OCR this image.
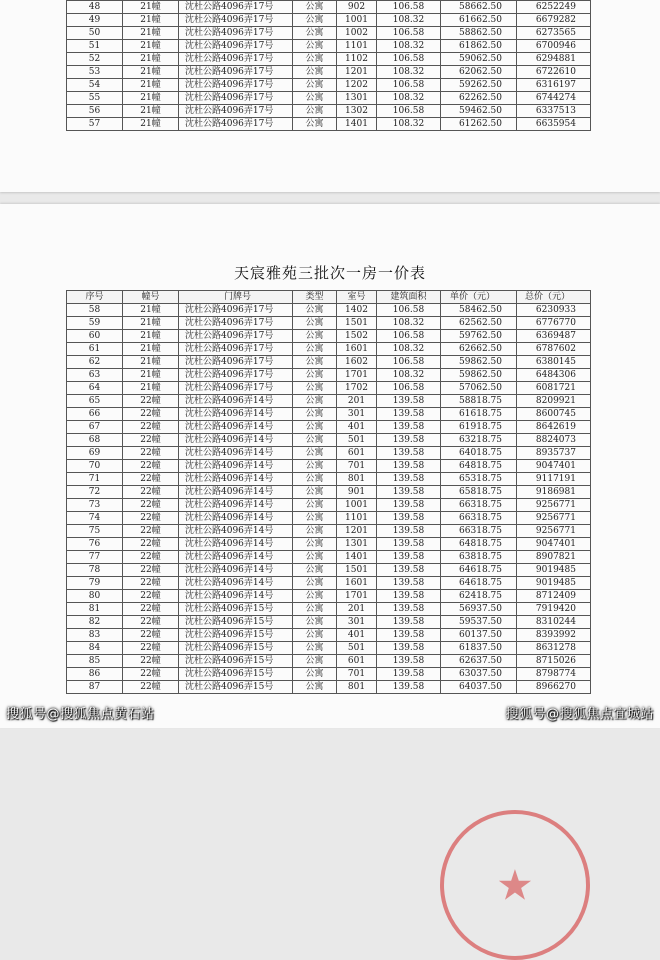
48	21幢	沈杜公路4096弄17号	公寓	902	106.58	58662.50	6252249
49	21幢	沈杜公路4096弄17号	公寓	1001	108.32	61662.50	6679282
50	21幢	沈杜公路4096弄17号	公寓	1002	106.58	58862.50	6273565
51	21幢	沈杜公路4096弄17号	公寓	1101	108.32	61862.50	6700946
52	21幢	沈杜公路4096弄17号	公寓	1102	106.58	59062.50	6294881
53	21幢	沈杜公路4096弄17号	公寓	1201	108.32	62062.50	6722610
54	21幢	沈杜公路4096弄17号	公寓	1202	106.58	59262.50	6316197
55	21幢	沈杜公路4096弄17号	公寓	1301	108.32	62262.50	6744274
56	21幢	沈杜公路4096弄17号	公寓	1302	106.58	59462.50	6337513
57	21幢	沈杜公路4096弄17号	公寓	1401	108.32	61262.50	6635954
天宸雅苑三批次一房一价表
序号	幢号	门牌号	类型	室号	建筑面积	单价（元）	总价（元）
58	21幢	沈杜公路4096弄17号	公寓	1402	106.58	58462.50	6230933
59	21幢	沈杜公路4096弄17号	公寓	1501	108.32	62562.50	6776770
60	21幢	沈杜公路4096弄17号	公寓	1502	106.58	59762.50	6369487
61	21幢	沈杜公路4096弄17号	公寓	1601	108.32	62662.50	6787602
62	21幢	沈杜公路4096弄17号	公寓	1602	106.58	59862.50	6380145
63	21幢	沈杜公路4096弄17号	公寓	1701	108.32	59862.50	6484306
64	21幢	沈杜公路4096弄17号	公寓	1702	106.58	57062.50	6081721
65	22幢	沈杜公路4096弄14号	公寓	201	139.58	58818.75	8209921
66	22幢	沈杜公路4096弄14号	公寓	301	139.58	61618.75	8600745
67	22幢	沈杜公路4096弄14号	公寓	401	139.58	61918.75	8642619
68	22幢	沈杜公路4096弄14号	公寓	501	139.58	63218.75	8824073
69	22幢	沈杜公路4096弄14号	公寓	601	139.58	64018.75	8935737
70	22幢	沈杜公路4096弄14号	公寓	701	139.58	64818.75	9047401
71	22幢	沈杜公路4096弄14号	公寓	801	139.58	65318.75	9117191
72	22幢	沈杜公路4096弄14号	公寓	901	139.58	65818.75	9186981
73	22幢	沈杜公路4096弄14号	公寓	1001	139.58	66318.75	9256771
74	22幢	沈杜公路4096弄14号	公寓	1101	139.58	66318.75	9256771
75	22幢	沈杜公路4096弄14号	公寓	1201	139.58	66318.75	9256771
76	22幢	沈杜公路4096弄14号	公寓	1301	139.58	64818.75	9047401
77	22幢	沈杜公路4096弄14号	公寓	1401	139.58	63818.75	8907821
78	22幢	沈杜公路4096弄14号	公寓	1501	139.58	64618.75	9019485
79	22幢	沈杜公路4096弄14号	公寓	1601	139.58	64618.75	9019485
80	22幢	沈杜公路4096弄14号	公寓	1701	139.58	62418.75	8712409
81	22幢	沈杜公路4096弄15号	公寓	201	139.58	56937.50	7919420
82	22幢	沈杜公路4096弄15号	公寓	301	139.58	59537.50	8310244
83	22幢	沈杜公路4096弄15号	公寓	401	139.58	60137.50	8393992
84	22幢	沈杜公路4096弄15号	公寓	501	139.58	61837.50	8631278
85	22幢	沈杜公路4096弄15号	公寓	601	139.58	62637.50	8715026
86	22幢	沈杜公路4096弄15号	公寓	701	139.58	63037.50	8798774
87	22幢	沈杜公路4096弄15号	公寓	801	139.58	64037.50	8966270
★
搜狐号@搜狐焦点黄石站	搜狐号@搜狐焦点宜城站
